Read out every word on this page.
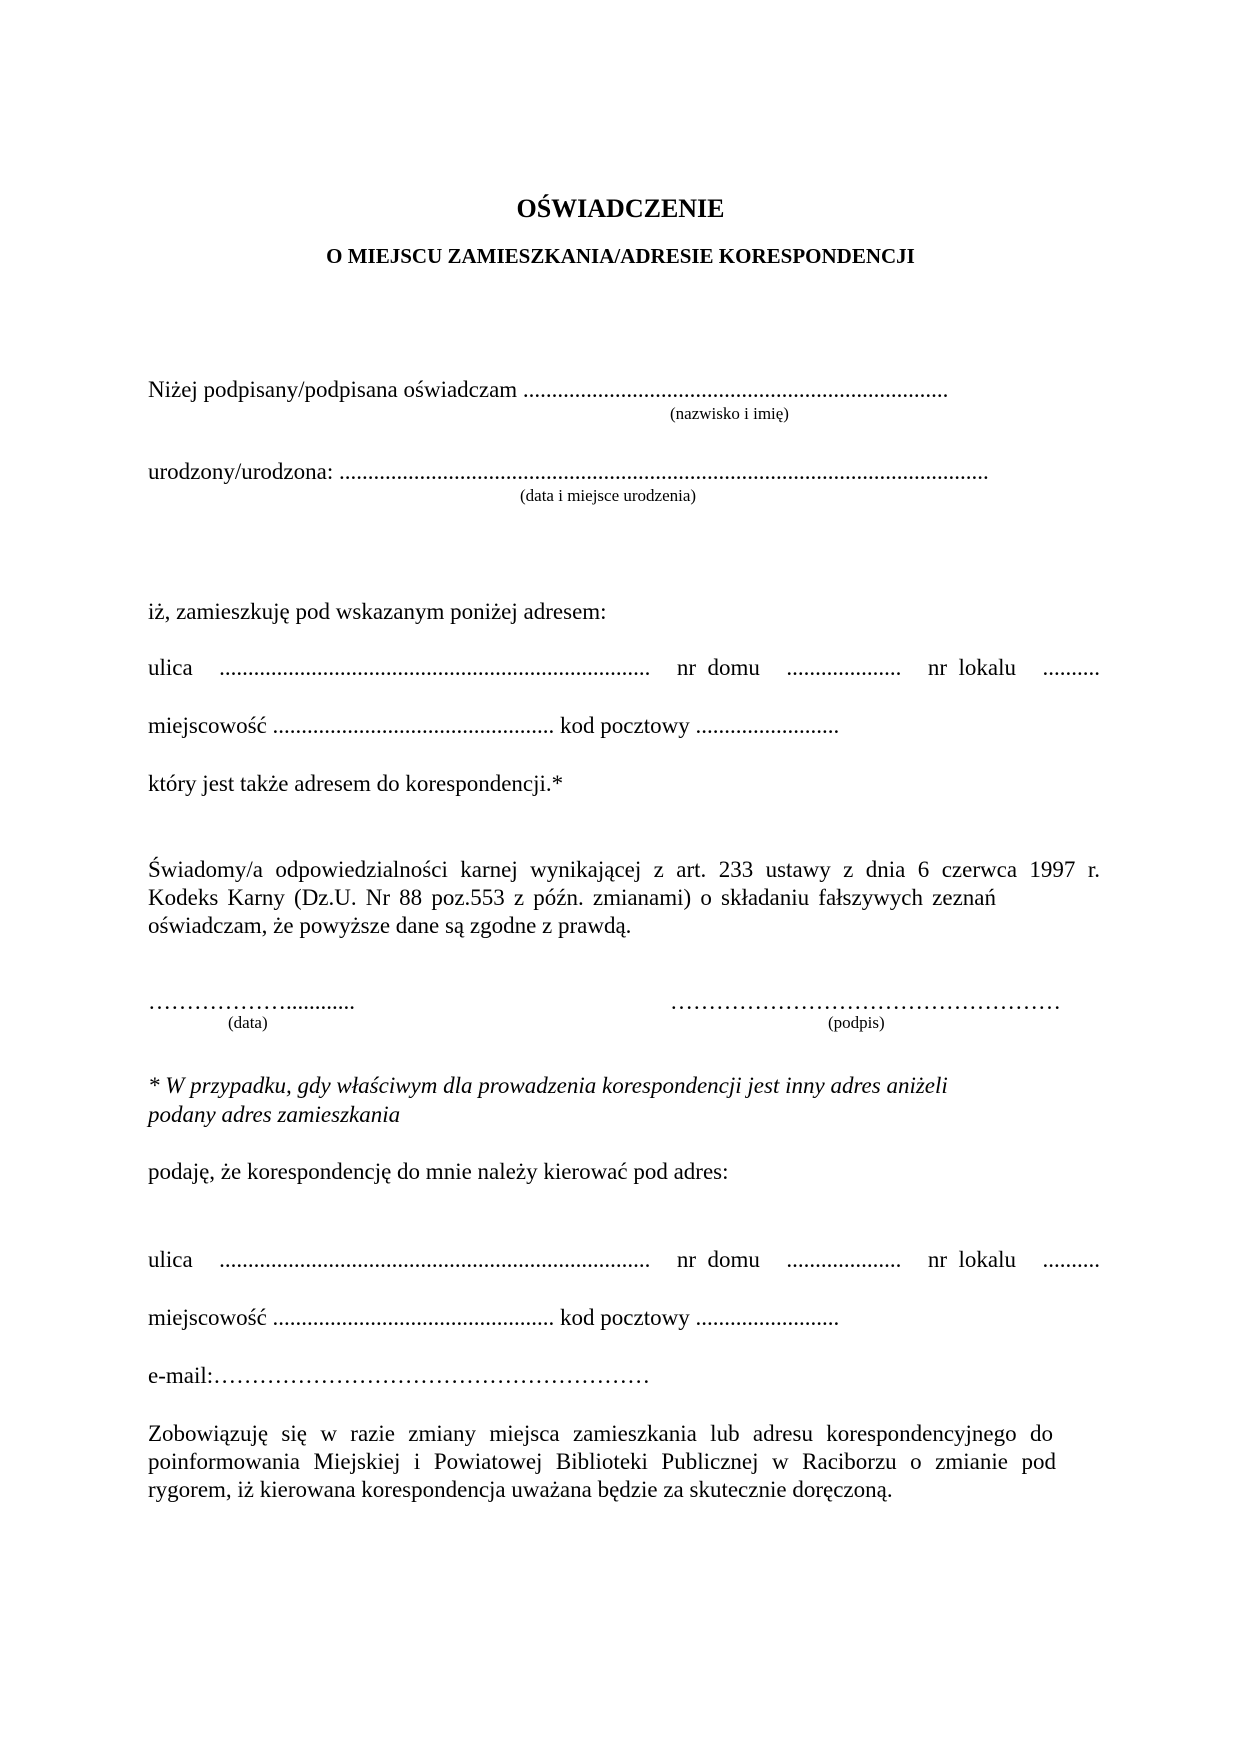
OŚWIADCZENIE
O MIEJSCU ZAMIESZKANIA/ADRESIE KORESPONDENCJI
Niżej podpisany/podpisana oświadczam ..........................................................................
(nazwisko i imię)
urodzony/urodzona: .................................................................................................................
(data i miejsce urodzenia)
iż, zamieszkuję pod wskazanym poniżej adresem:
ulica ........................................................................... nr  domu .................... nr  lokalu ..........
miejscowość ................................................. kod pocztowy .........................
który jest także adresem do korespondencji.*
Świadomy/a odpowiedzialności karnej wynikającej z art. 233 ustawy z dnia 6 czerwca 1997 r.
Kodeks Karny (Dz.U. Nr 88 poz.553 z późn. zmianami) o składaniu fałszywych zeznań
oświadczam, że powyższe dane są zgodne z prawdą.
………………............
(data)
……………………………………………
(podpis)
* W przypadku, gdy właściwym dla prowadzenia korespondencji jest inny adres aniżeli
podany adres zamieszkania
podaję, że korespondencję do mnie należy kierować pod adres:
ulica ........................................................................... nr  domu .................... nr  lokalu ..........
miejscowość ................................................. kod pocztowy .........................
e-mail:…………………………………………………
Zobowiązuję się w razie zmiany miejsca zamieszkania lub adresu korespondencyjnego do
poinformowania Miejskiej i Powiatowej Biblioteki Publicznej w Raciborzu o zmianie pod
rygorem, iż kierowana korespondencja uważana będzie za skutecznie doręczoną.
